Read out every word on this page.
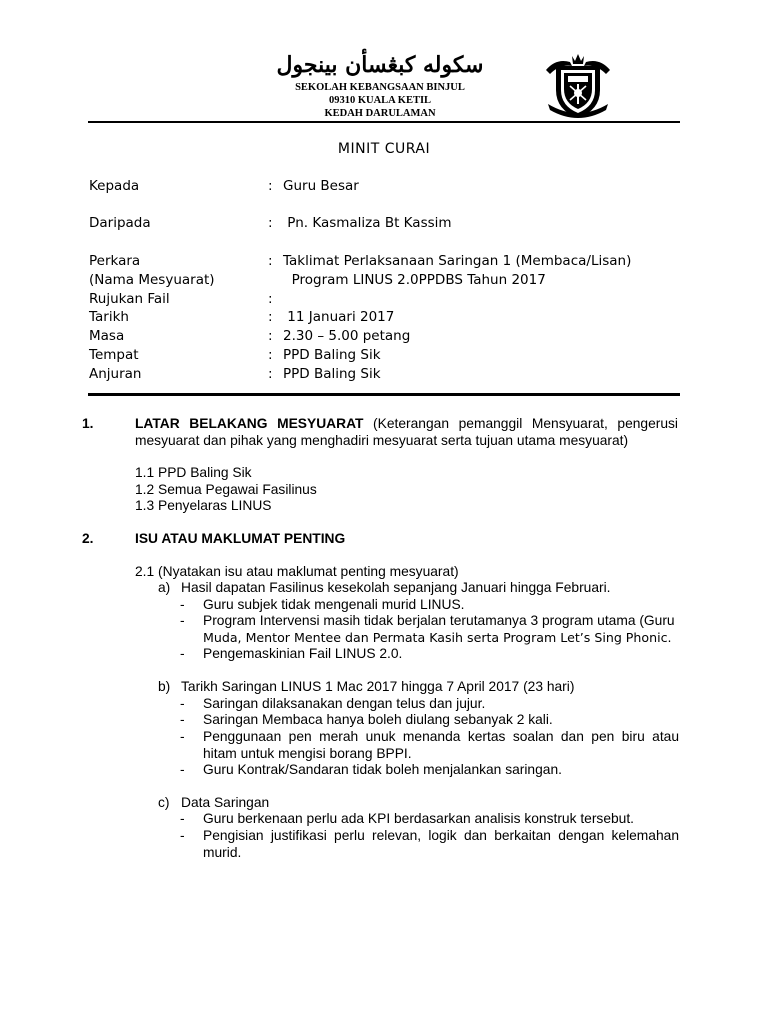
سكوله كبڠسأن بينجول
SEKOLAH KEBANGSAAN BINJUL
09310 KUALA KETIL
KEDAH DARULAMAN
MINIT CURAI
Kepada	: Guru Besar
Daripada	: Pn. Kasmaliza Bt Kassim
Perkara	: Taklimat Perlaksanaan Saringan 1 (Membaca/Lisan)
(Nama Mesyuarat)	Program LINUS 2.0PPDBS Tahun 2017
Rujukan Fail	:
Tarikh	: 11 Januari 2017
Masa	: 2.30 – 5.00 petang
Tempat	: PPD Baling Sik
Anjuran	: PPD Baling Sik
1.	LATAR BELAKANG MESYUARAT (Keterangan pemanggil Mensyuarat, pengerusi mesyuarat dan pihak yang menghadiri mesyuarat serta tujuan utama mesyuarat)
1.1 PPD Baling Sik
1.2 Semua Pegawai Fasilinus
1.3 Penyelaras LINUS
2.	ISU ATAU MAKLUMAT PENTING
2.1 (Nyatakan isu atau maklumat penting mesyuarat)
a) Hasil dapatan Fasilinus kesekolah sepanjang Januari hingga Februari.
- Guru subjek tidak mengenali murid LINUS.
- Program Intervensi masih tidak berjalan terutamanya 3 program utama (Guru
Muda, Mentor Mentee dan Permata Kasih serta Program Let’s Sing Phonic.
- Pengemaskinian Fail LINUS 2.0.
b) Tarikh Saringan LINUS 1 Mac 2017 hingga 7 April 2017 (23 hari)
- Saringan dilaksanakan dengan telus dan jujur.
- Saringan Membaca hanya boleh diulang sebanyak 2 kali.
- Penggunaan pen merah unuk menanda kertas soalan dan pen biru atau hitam untuk mengisi borang BPPI.
- Guru Kontrak/Sandaran tidak boleh menjalankan saringan.
c) Data Saringan
- Guru berkenaan perlu ada KPI berdasarkan analisis konstruk tersebut.
- Pengisian justifikasi perlu relevan, logik dan berkaitan dengan kelemahan murid.
